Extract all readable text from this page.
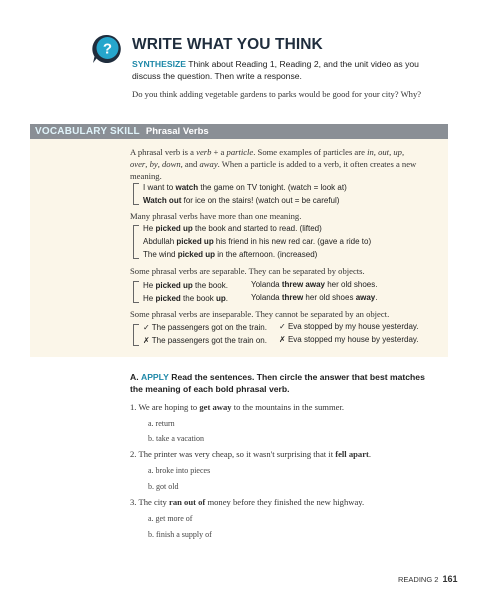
? WRITE WHAT YOU THINK
SYNTHESIZE Think about Reading 1, Reading 2, and the unit video as you discuss the question. Then write a response.
Do you think adding vegetable gardens to parks would be good for your city? Why?
VOCABULARY SKILL Phrasal Verbs
A phrasal verb is a verb + a particle. Some examples of particles are in, out, up, over, by, down, and away. When a particle is added to a verb, it often creates a new meaning.
I want to watch the game on TV tonight. (watch = look at)
Watch out for ice on the stairs! (watch out = be careful)
Many phrasal verbs have more than one meaning.
He picked up the book and started to read. (lifted)
Abdullah picked up his friend in his new red car. (gave a ride to)
The wind picked up in the afternoon. (increased)
Some phrasal verbs are separable. They can be separated by objects.
He picked up the book.
He picked the book up.
Yolanda threw away her old shoes.
Yolanda threw her old shoes away.
Some phrasal verbs are inseparable. They cannot be separated by an object.
✓ The passengers got on the train.
✗ The passengers got the train on.
✓ Eva stopped by my house yesterday.
✗ Eva stopped my house by yesterday.
A. APPLY Read the sentences. Then circle the answer that best matches the meaning of each bold phrasal verb.
1. We are hoping to get away to the mountains in the summer.
a. return
b. take a vacation
2. The printer was very cheap, so it wasn't surprising that it fell apart.
a. broke into pieces
b. got old
3. The city ran out of money before they finished the new highway.
a. get more of
b. finish a supply of
READING 2 161
